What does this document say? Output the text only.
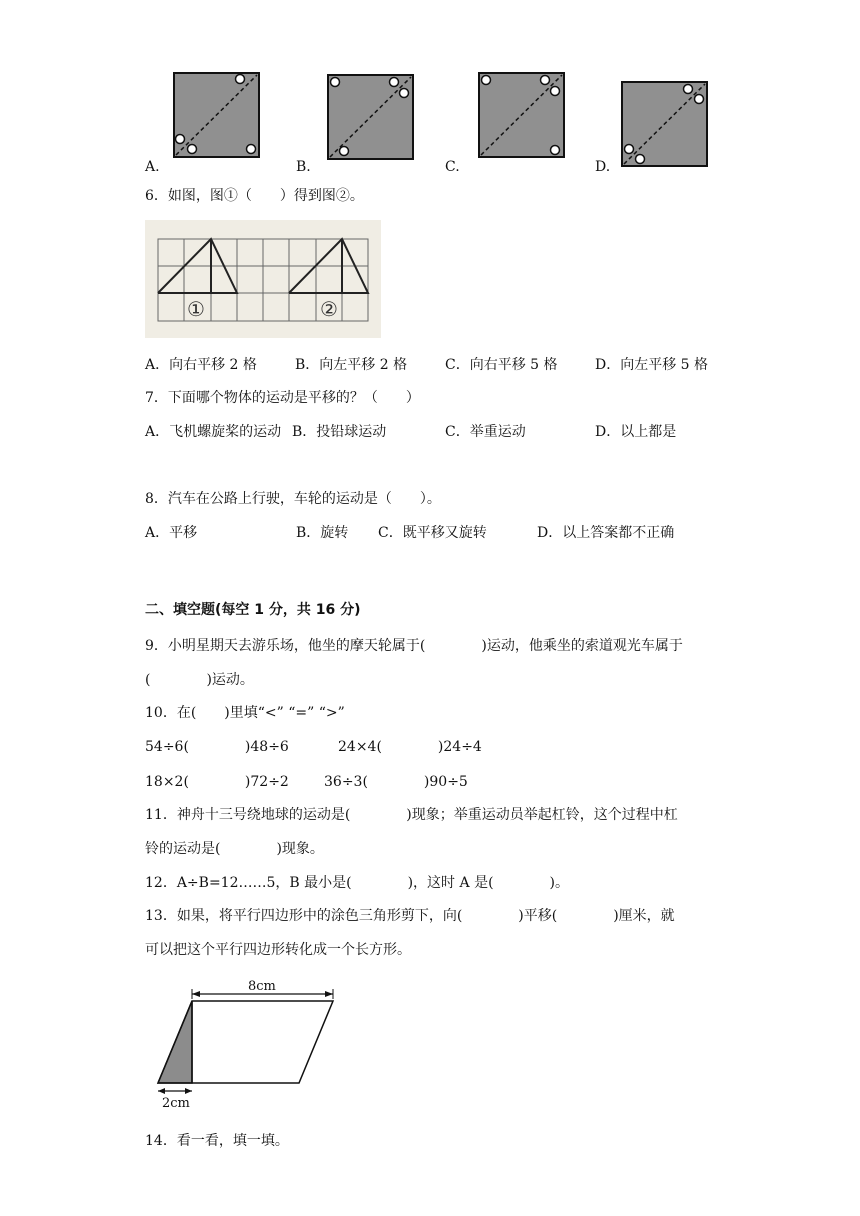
A.	B.	C.	D.
6．如图，图①（　　）得到图②。
①	②
A．向右平移 2 格	B．向左平移 2 格	C．向右平移 5 格	D．向左平移 5 格
7．下面哪个物体的运动是平移的？（　　）
A．飞机螺旋桨的运动 B．投铅球运动	C．举重运动	D．以上都是
8．汽车在公路上行驶，车轮的运动是（　　）。
A．平移	B．旋转 C．既平移又旋转	D．以上答案都不正确
二、填空题(每空 1 分，共 16 分)
9．小明星期天去游乐场，他坐的摩天轮属于(　　　　)运动，他乘坐的索道观光车属于
(　　　　)运动。
10．在(　　)里填“<” “=” “>”
54÷6(　　　　)48÷6	24×4(　　　　)24÷4
18×2(　　　　)72÷2	36÷3(　　　　)90÷5
11．神舟十三号绕地球的运动是(　　　　)现象；举重运动员举起杠铃，这个过程中杠
铃的运动是(　　　　)现象。
12．A÷B=12……5，B 最小是(　　　　)，这时 A 是(　　　　)。
13．如果，将平行四边形中的涂色三角形剪下，向(　　　　)平移(　　　　)厘米，就
可以把这个平行四边形转化成一个长方形。
8cm
2cm
14．看一看，填一填。
